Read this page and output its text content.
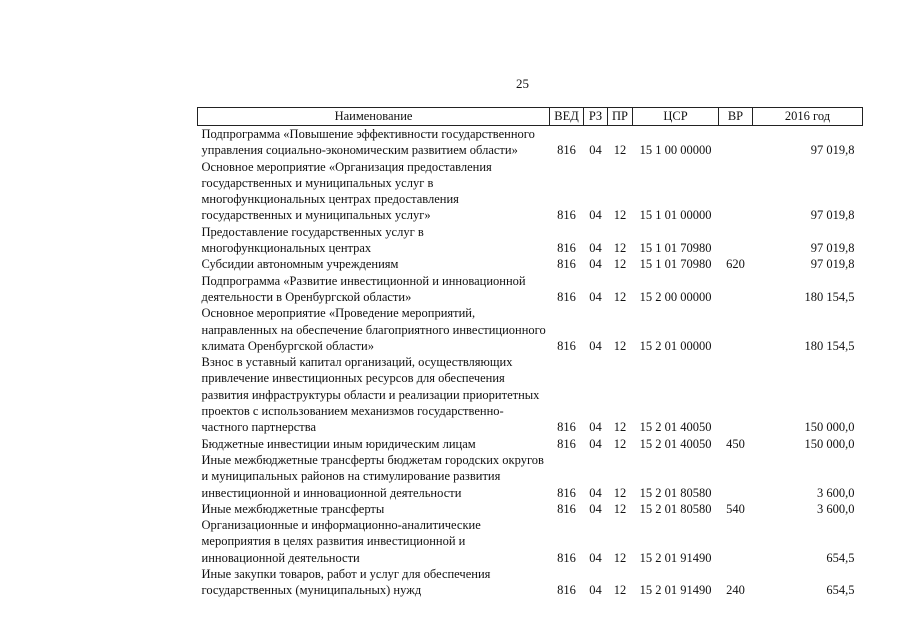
25
Наименование	ВЕД	РЗ	ПР	ЦСР	ВР	2016 год
Подпрограмма «Повышение эффективности государственного управления социально-экономическим развитием области»	816	04	12	15 1 00 00000		97 019,8
Основное мероприятие «Организация предоставления государственных и муниципальных услуг в многофункциональных центрах предоставления государственных и муниципальных услуг»	816	04	12	15 1 01 00000		97 019,8
Предоставление государственных услуг в многофункциональных центрах	816	04	12	15 1 01 70980		97 019,8
Субсидии автономным учреждениям	816	04	12	15 1 01 70980	620	97 019,8
Подпрограмма «Развитие инвестиционной и инновационной деятельности в Оренбургской области»	816	04	12	15 2 00 00000		180 154,5
Основное мероприятие «Проведение мероприятий, направленных на обеспечение благоприятного инвестиционного климата Оренбургской области»	816	04	12	15 2 01 00000		180 154,5
Взнос в уставный капитал организаций, осуществляющих привлечение инвестиционных ресурсов для обеспечения развития инфраструктуры области и реализации приоритетных проектов с использованием механизмов государственно-частного партнерства	816	04	12	15 2 01 40050		150 000,0
Бюджетные инвестиции иным юридическим лицам	816	04	12	15 2 01 40050	450	150 000,0
Иные межбюджетные трансферты бюджетам городских округов и муниципальных районов на стимулирование развития инвестиционной и инновационной деятельности	816	04	12	15 2 01 80580		3 600,0
Иные межбюджетные трансферты	816	04	12	15 2 01 80580	540	3 600,0
Организационные и информационно-аналитические мероприятия в целях развития инвестиционной и инновационной деятельности	816	04	12	15 2 01 91490		654,5
Иные закупки товаров, работ и услуг для обеспечения государственных (муниципальных) нужд	816	04	12	15 2 01 91490	240	654,5
